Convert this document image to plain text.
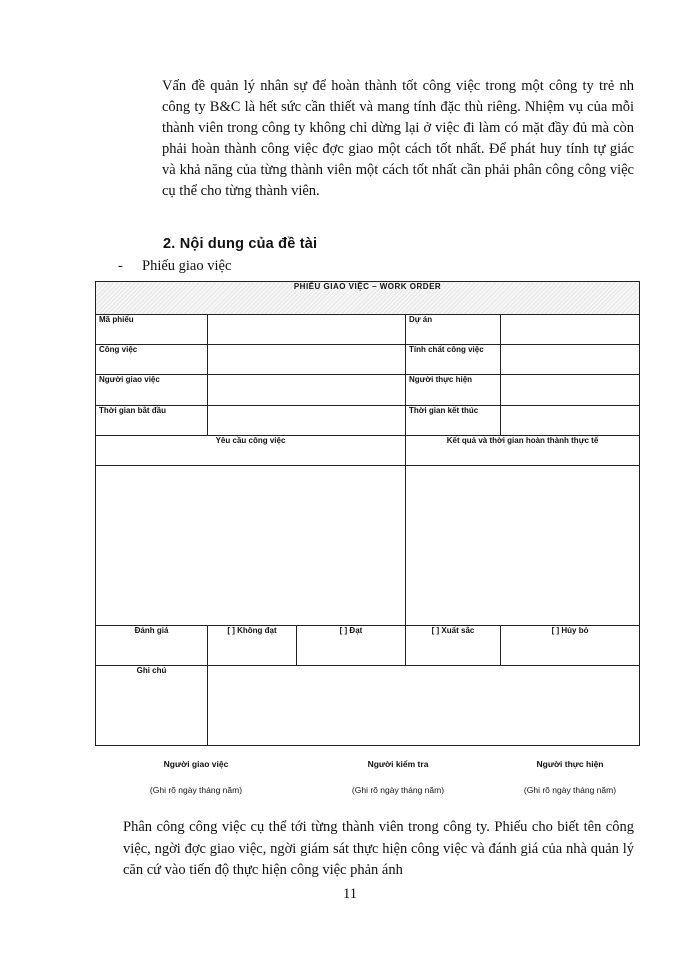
Vấn đề quản lý nhân sự để hoàn thành tốt công việc trong một công ty trẻ nh công ty B&C là hết sức cần thiết và mang tính đặc thù riêng. Nhiệm vụ của mỗi thành viên trong công ty không chỉ dừng lại ở việc đi làm có mặt đầy đủ mà còn phải hoàn thành công việc đợc giao một cách tốt nhất. Để phát huy tính tự giác và khả năng của từng thành viên một cách tốt nhất cần phải phân công công việc cụ thể cho từng thành viên.

2. Nội dung của đề tài
- Phiếu giao việc
PHIẾU GIAO VIỆC – WORK ORDER				
Mã phiếu			Dự án	
Công việc			Tính chất công việc	
Người giao việc			Người thực hiện	
Thời gian bắt đầu			Thời gian kết thúc	
Yêu cầu công việc			Kết quả và thời gian hoàn thành thực tế	

Đánh giá	[ ] Không đạt	[ ] Đạt	[ ] Xuất sắc	[ ] Hủy bỏ
Ghi chú				
Người giao việc	Người kiểm tra	Người thực hiện
(Ghi rõ ngày tháng năm)	(Ghi rõ ngày tháng năm)	(Ghi rõ ngày tháng năm)

Phân công công việc cụ thể tới từng thành viên trong công ty. Phiếu cho biết tên công việc, ngời đợc giao việc, ngời giám sát thực hiện công việc và đánh giá của nhà quản lý căn cứ vào tiến độ thực hiện công việc phản ánh

11
